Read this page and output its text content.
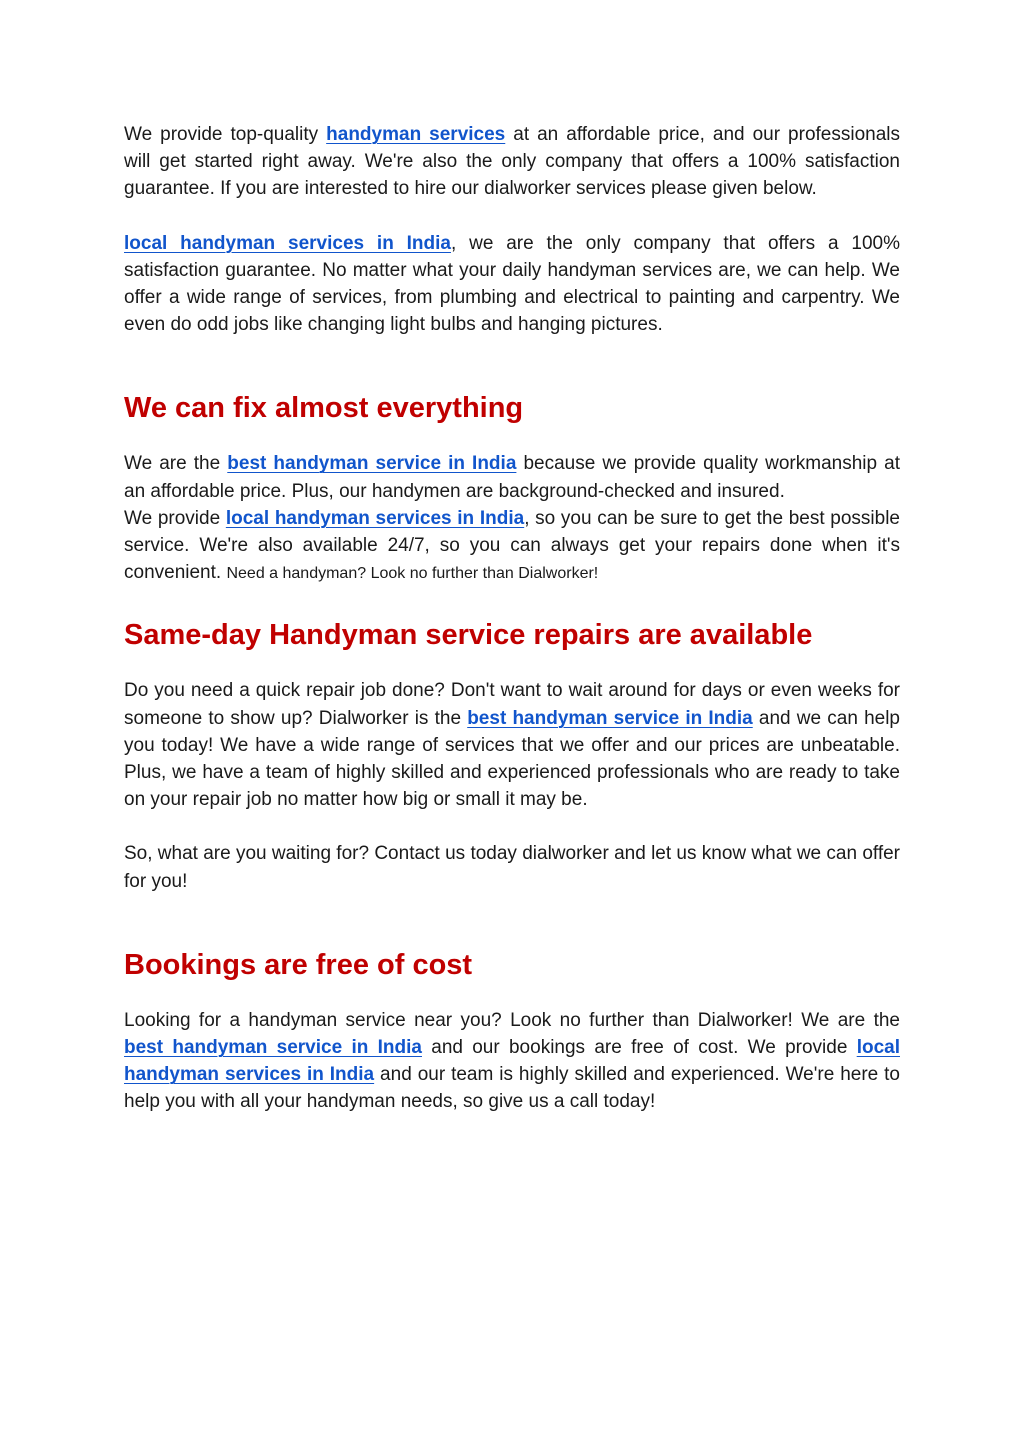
We provide top-quality handyman services at an affordable price, and our professionals will get started right away. We're also the only company that offers a 100% satisfaction guarantee. If you are interested to hire our dialworker services please given below.

local handyman services in India, we are the only company that offers a 100% satisfaction guarantee. No matter what your daily handyman services are, we can help. We offer a wide range of services, from plumbing and electrical to painting and carpentry. We even do odd jobs like changing light bulbs and hanging pictures.

We can fix almost everything

We are the best handyman service in India because we provide quality workmanship at an affordable price. Plus, our handymen are background-checked and insured.

We provide local handyman services in India, so you can be sure to get the best possible service. We're also available 24/7, so you can always get your repairs done when it's convenient. Need a handyman? Look no further than Dialworker!

Same-day Handyman service repairs are available

Do you need a quick repair job done? Don't want to wait around for days or even weeks for someone to show up? Dialworker is the best handyman service in India and we can help you today! We have a wide range of services that we offer and our prices are unbeatable. Plus, we have a team of highly skilled and experienced professionals who are ready to take on your repair job no matter how big or small it may be.

So, what are you waiting for? Contact us today dialworker and let us know what we can offer for you!

Bookings are free of cost

Looking for a handyman service near you? Look no further than Dialworker! We are the best handyman service in India and our bookings are free of cost. We provide local handyman services in India and our team is highly skilled and experienced. We're here to help you with all your handyman needs, so give us a call today!
